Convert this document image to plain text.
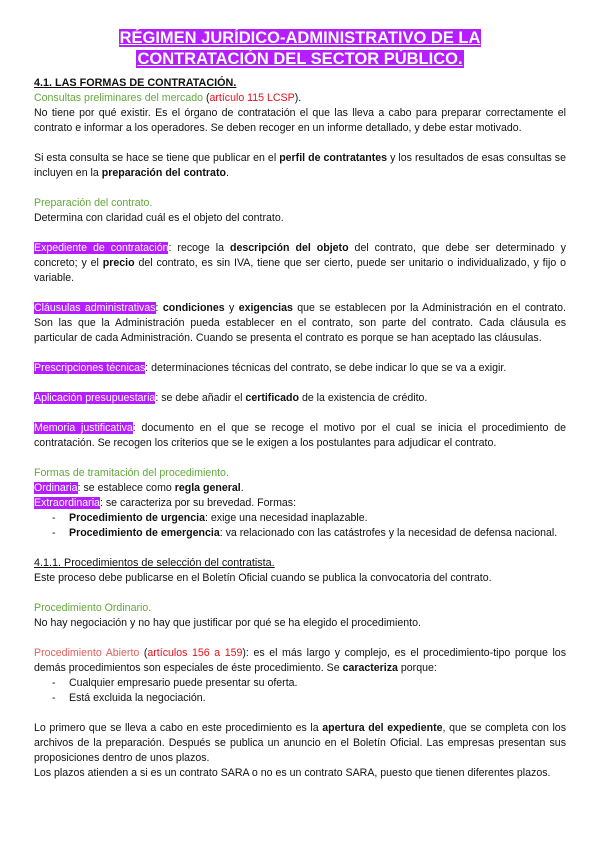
RÉGIMEN JURÍDICO-ADMINISTRATIVO DE LA
CONTRATACIÓN DEL SECTOR PÚBLICO.
4.1. LAS FORMAS DE CONTRATACIÓN.
Consultas preliminares del mercado (artículo 115 LCSP).

No tiene por qué existir. Es el órgano de contratación el que las lleva a cabo para preparar correctamente el contrato e informar a los operadores. Se deben recoger en un informe detallado, y debe estar motivado.

Si esta consulta se hace se tiene que publicar en el perfil de contratantes y los resultados de esas consultas se incluyen en la preparación del contrato.

Preparación del contrato.

Determina con claridad cuál es el objeto del contrato.

Expediente de contratación: recoge la descripción del objeto del contrato, que debe ser determinado y concreto; y el precio del contrato, es sin IVA, tiene que ser cierto, puede ser unitario o individualizado, y fijo o variable.

Cláusulas administrativas: condiciones y exigencias que se establecen por la Administración en el contrato. Son las que la Administración pueda establecer en el contrato, son parte del contrato. Cada cláusula es particular de cada Administración. Cuando se presenta el contrato es porque se han aceptado las cláusulas.

Prescripciones técnicas: determinaciones técnicas del contrato, se debe indicar lo que se va a exigir.

Aplicación presupuestaria: se debe añadir el certificado de la existencia de crédito.

Memoria justificativa: documento en el que se recoge el motivo por el cual se inicia el procedimiento de contratación. Se recogen los criterios que se le exigen a los postulantes para adjudicar el contrato.

Formas de tramitación del procedimiento.
Ordinaria: se establece como regla general.
Extraordinaria: se caracteriza por su brevedad. Formas:
- Procedimiento de urgencia: exige una necesidad inaplazable.
- Procedimiento de emergencia: va relacionado con las catástrofes y la necesidad de defensa nacional.
4.1.1. Procedimientos de selección del contratista.

Este proceso debe publicarse en el Boletín Oficial cuando se publica la convocatoria del contrato.

Procedimiento Ordinario.

No hay negociación y no hay que justificar por qué se ha elegido el procedimiento.

Procedimiento Abierto (artículos 156 a 159): es el más largo y complejo, es el procedimiento-tipo porque los demás procedimientos son especiales de éste procedimiento. Se caracteriza porque:

- Cualquier empresario puede presentar su oferta.
- Está excluida la negociación.

Lo primero que se lleva a cabo en este procedimiento es la apertura del expediente, que se completa con los archivos de la preparación. Después se publica un anuncio en el Boletín Oficial. Las empresas presentan sus proposiciones dentro de unos plazos.

Los plazos atienden a si es un contrato SARA o no es un contrato SARA, puesto que tienen diferentes plazos.
